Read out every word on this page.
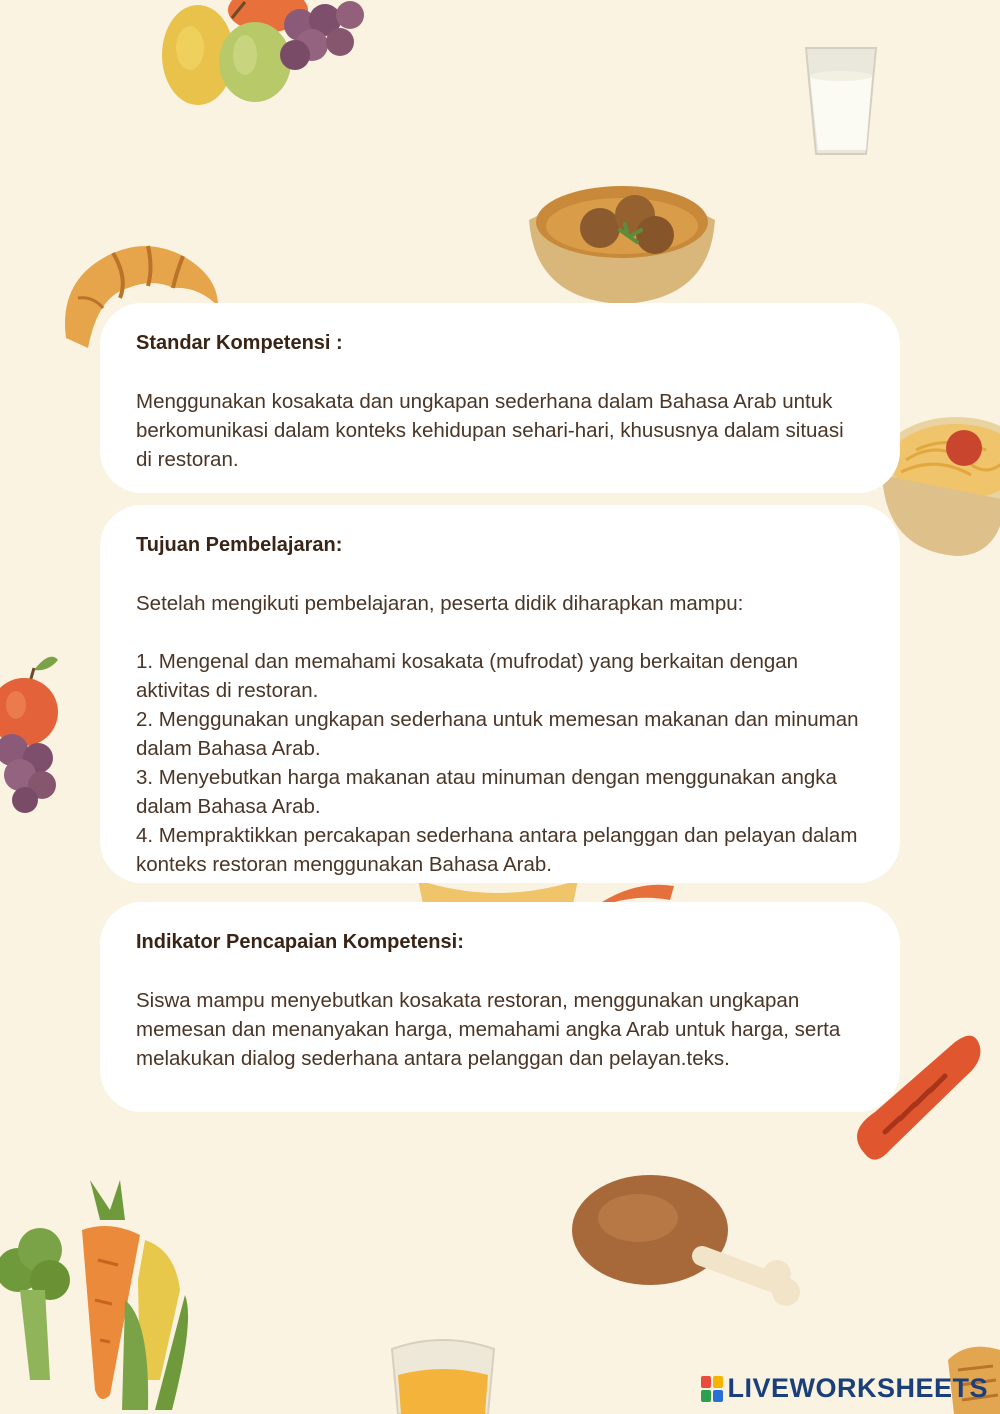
Standar Kompetensi :

Menggunakan kosakata dan ungkapan sederhana dalam Bahasa Arab untuk berkomunikasi dalam konteks kehidupan sehari-hari, khususnya dalam situasi di restoran.

Tujuan Pembelajaran:

Setelah mengikuti pembelajaran, peserta didik diharapkan mampu:

1. Mengenal dan memahami kosakata (mufrodat) yang berkaitan dengan aktivitas di restoran.
2. Menggunakan ungkapan sederhana untuk memesan makanan dan minuman dalam Bahasa Arab.
3. Menyebutkan harga makanan atau minuman dengan menggunakan angka dalam Bahasa Arab.
4. Mempraktikkan percakapan sederhana antara pelanggan dan pelayan dalam konteks restoran menggunakan Bahasa Arab.
Indikator Pencapaian Kompetensi:

Siswa mampu menyebutkan kosakata restoran, menggunakan ungkapan memesan dan menanyakan harga, memahami angka Arab untuk harga, serta melakukan dialog sederhana antara pelanggan dan pelayan.teks.

LIVEWORKSHEETS
